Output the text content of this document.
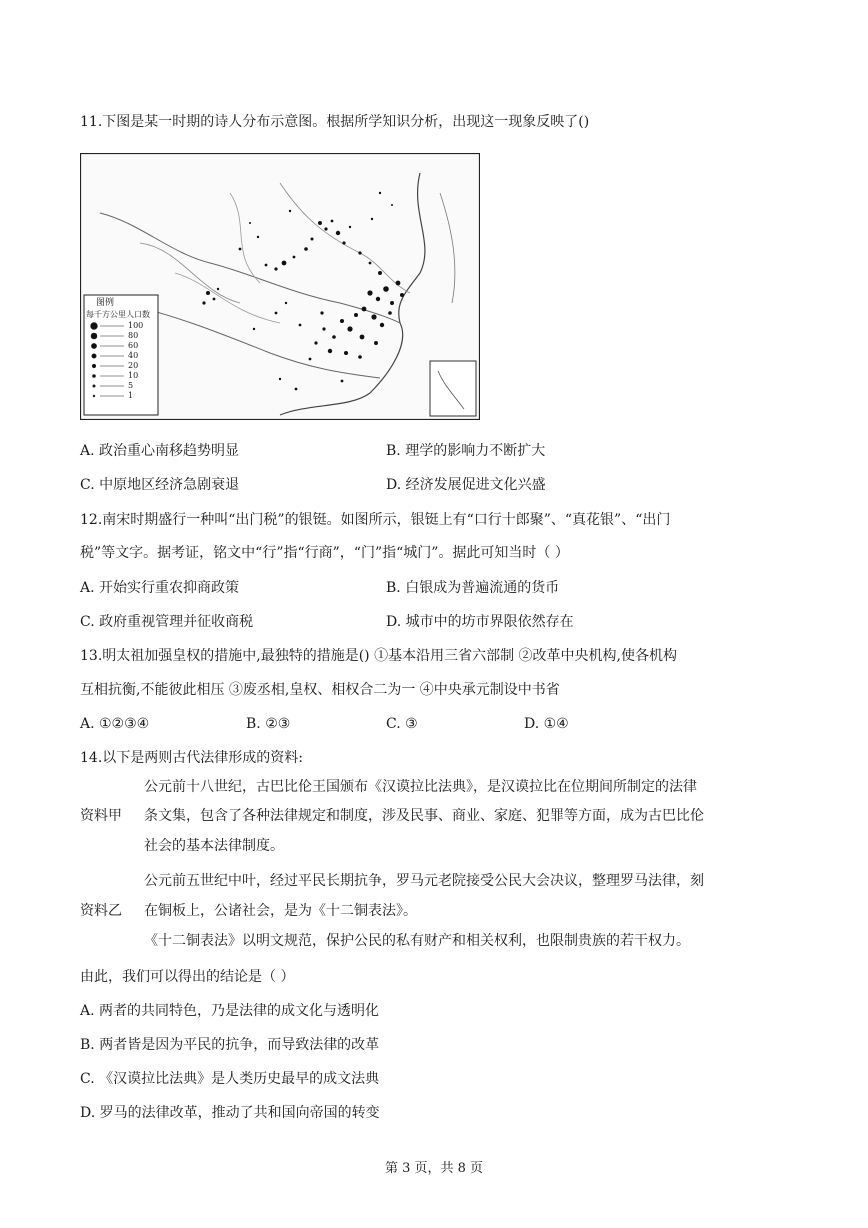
11.下图是某一时期的诗人分布示意图。根据所学知识分析，出现这一现象反映了()
图例
每千方公里人口数
100
80
60
40
20
10
5
1
A. 政治重心南移趋势明显	B. 理学的影响力不断扩大
C. 中原地区经济急剧衰退	D. 经济发展促进文化兴盛
12.南宋时期盛行一种叫“出门税”的银铤。如图所示，银铤上有“口行十郎聚”、“真花银”、“出门
税”等文字。据考证，铭文中“行”指“行商”，“门”指“城门”。据此可知当时（ ）
A. 开始实行重农抑商政策	B. 白银成为普遍流通的货币
C. 政府重视管理并征收商税	D. 城市中的坊市界限依然存在
13.明太祖加强皇权的措施中,最独特的措施是() ①基本沿用三省六部制 ②改革中央机构,使各机构
互相抗衡,不能彼此相压 ③废丞相,皇权、相权合二为一 ④中央承元制设中书省
A. ①②③④	B. ②③	C. ③	D. ①④
14.以下是两则古代法律形成的资料:
资料甲
公元前十八世纪，古巴比伦王国颁布《汉谟拉比法典》，是汉谟拉比在位期间所制定的法律
条文集，包含了各种法律规定和制度，涉及民事、商业、家庭、犯罪等方面，成为古巴比伦
社会的基本法律制度。
资料乙
公元前五世纪中叶，经过平民长期抗争，罗马元老院接受公民大会决议，整理罗马法律，刻
在铜板上，公诸社会，是为《十二铜表法》。
《十二铜表法》以明文规范，保护公民的私有财产和相关权利，也限制贵族的若干权力。
由此，我们可以得出的结论是（ ）
A. 两者的共同特色，乃是法律的成文化与透明化
B. 两者皆是因为平民的抗争，而导致法律的改革
C. 《汉谟拉比法典》是人类历史最早的成文法典
D. 罗马的法律改革，推动了共和国向帝国的转变
第 3 页，共 8 页
